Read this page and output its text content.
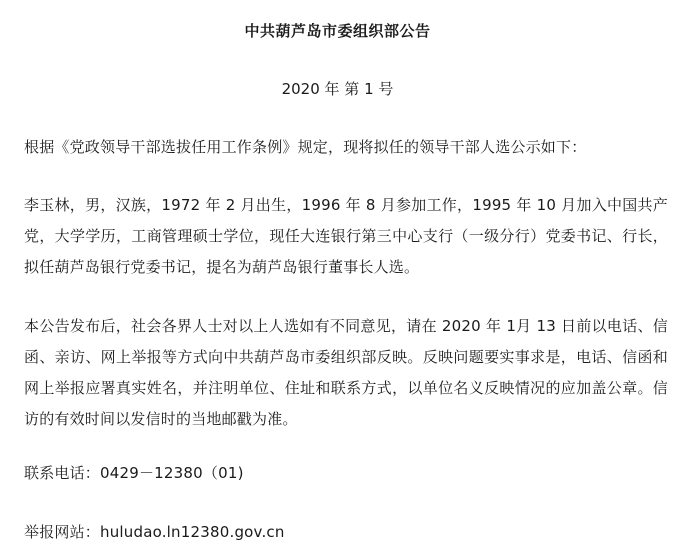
中共葫芦岛市委组织部公告
2020 年 第 1 号

根据《党政领导干部选拔任用工作条例》规定，现将拟任的领导干部人选公示如下：

李玉林，男，汉族，1972 年 2 月出生，1996 年 8 月参加工作，1995 年 10 月加入中国共产党，大学学历，工商管理硕士学位，现任大连银行第三中心支行（一级分行）党委书记、行长，拟任葫芦岛银行党委书记，提名为葫芦岛银行董事长人选。

本公告发布后，社会各界人士对以上人选如有不同意见，请在 2020 年 1月 13 日前以电话、信函、亲访、网上举报等方式向中共葫芦岛市委组织部反映。反映问题要实事求是，电话、信函和网上举报应署真实姓名，并注明单位、住址和联系方式，以单位名义反映情况的应加盖公章。信访的有效时间以发信时的当地邮戳为准。

联系电话：0429－12380（01)

举报网站：huludao.ln12380.gov.cn
